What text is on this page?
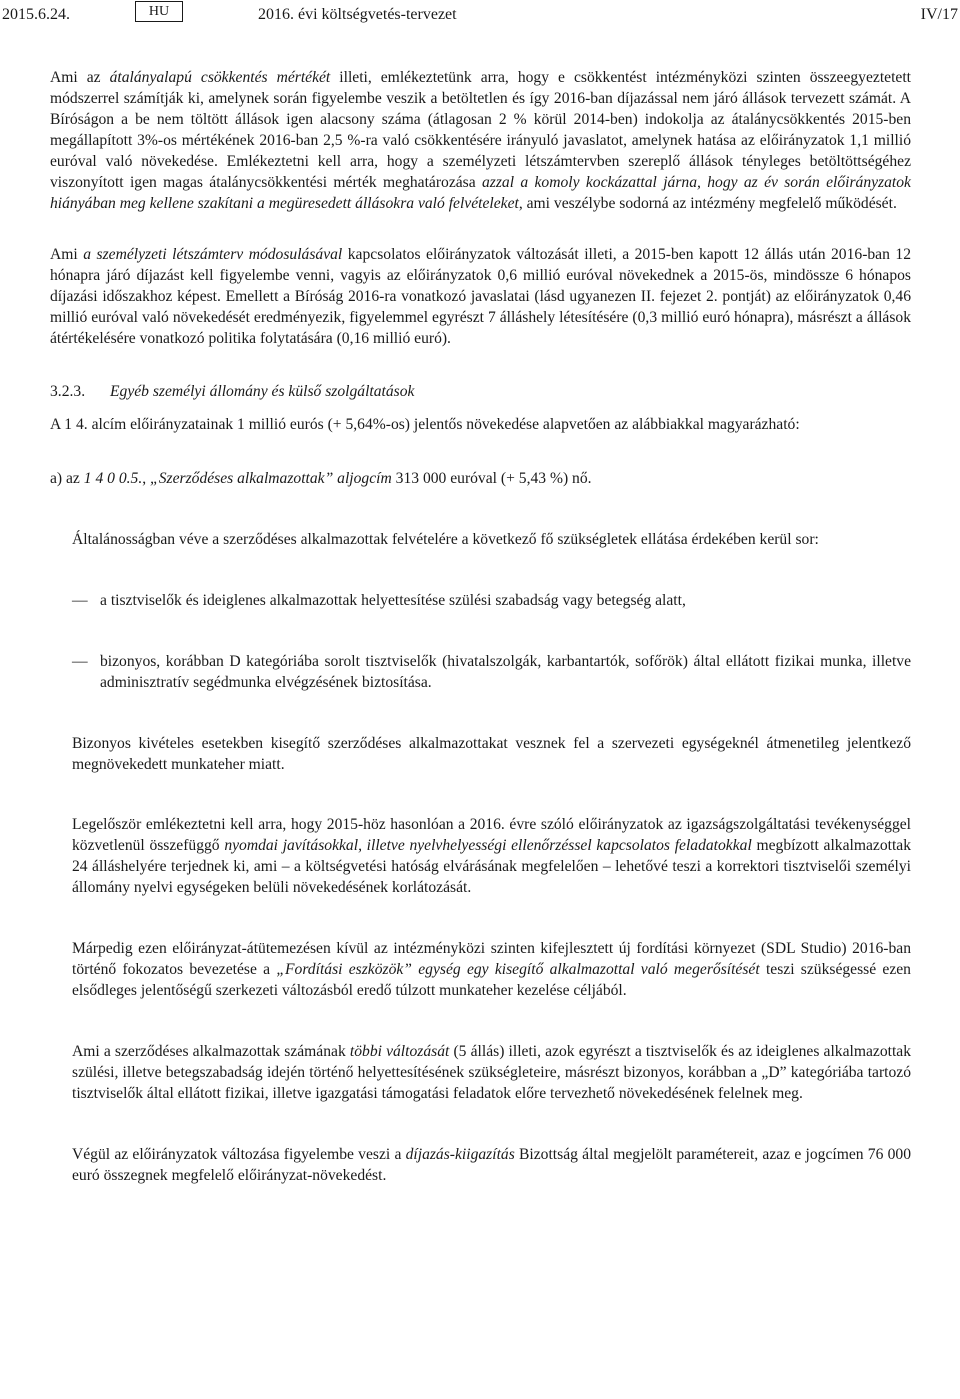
2015.6.24.	HU	2016. évi költségvetés-tervezet	IV/17

Ami az átalányalapú csökkentés mértékét illeti, emlékeztetünk arra, hogy e csökkentést intézményközi szinten összeegyeztetett módszerrel számítják ki, amelynek során figyelembe veszik a betöltetlen és így 2016-ban díjazással nem járó állások tervezett számát. A Bíróságon a be nem töltött állások igen alacsony száma (átlagosan 2 % körül 2014-ben) indokolja az átalánycsökkentés 2015-ben megállapított 3%-os mértékének 2016-ban 2,5 %-ra való csökkentésére irányuló javaslatot, amelynek hatása az előirányzatok 1,1 millió euróval való növekedése. Emlékeztetni kell arra, hogy a személyzeti létszámtervben szereplő állások tényleges betöltöttségéhez viszonyított igen magas átalánycsökkentési mérték meghatározása azzal a komoly kockázattal járna, hogy az év során előirányzatok hiányában meg kellene szakítani a megüresedett állásokra való felvételeket, ami veszélybe sodorná az intézmény megfelelő működését.

Ami a személyzeti létszámterv módosulásával kapcsolatos előirányzatok változását illeti, a 2015-ben kapott 12 állás után 2016-ban 12 hónapra járó díjazást kell figyelembe venni, vagyis az előirányzatok 0,6 millió euróval növekednek a 2015-ös, mindössze 6 hónapos díjazási időszakhoz képest. Emellett a Bíróság 2016-ra vonatkozó javaslatai (lásd ugyanezen II. fejezet 2. pontját) az előirányzatok 0,46 millió euróval való növekedését eredményezik, figyelemmel egyrészt 7 álláshely létesítésére (0,3 millió euró hónapra), másrészt a állások átértékelésére vonatkozó politika folytatására (0,16 millió euró).

3.2.3. Egyéb személyi állomány és külső szolgáltatások

A 1 4. alcím előirányzatainak 1 millió eurós (+ 5,64%-os) jelentős növekedése alapvetően az alábbiakkal magyarázható:

a) az 1 4 0 0.5., „Szerződéses alkalmazottak” aljogcím 313 000 euróval (+ 5,43 %) nő.

Általánosságban véve a szerződéses alkalmazottak felvételére a következő fő szükségletek ellátása érdekében kerül sor:

— a tisztviselők és ideiglenes alkalmazottak helyettesítése szülési szabadság vagy betegség alatt,
— bizonyos, korábban D kategóriába sorolt tisztviselők (hivatalszolgák, karbantartók, sofőrök) által ellátott fizikai munka, illetve adminisztratív segédmunka elvégzésének biztosítása.

Bizonyos kivételes esetekben kisegítő szerződéses alkalmazottakat vesznek fel a szervezeti egységeknél átmenetileg jelentkező megnövekedett munkateher miatt.

Legelőször emlékeztetni kell arra, hogy 2015-höz hasonlóan a 2016. évre szóló előirányzatok az igazságszolgáltatási tevékenységgel közvetlenül összefüggő nyomdai javításokkal, illetve nyelvhelyességi ellenőrzéssel kapcsolatos feladatokkal megbízott alkalmazottak 24 álláshelyére terjednek ki, ami – a költségvetési hatóság elvárásának megfelelően – lehetővé teszi a korrektori tisztviselői személyi állomány nyelvi egységeken belüli növekedésének korlátozását.

Márpedig ezen előirányzat-átütemezésen kívül az intézményközi szinten kifejlesztett új fordítási környezet (SDL Studio) 2016-ban történő fokozatos bevezetése a „Fordítási eszközök” egység egy kisegítő alkalmazottal való megerősítését teszi szükségessé ezen elsődleges jelentőségű szerkezeti változásból eredő túlzott munkateher kezelése céljából.

Ami a szerződéses alkalmazottak számának többi változását (5 állás) illeti, azok egyrészt a tisztviselők és az ideiglenes alkalmazottak szülési, illetve betegszabadság idején történő helyettesítésének szükségleteire, másrészt bizonyos, korábban a „D” kategóriába tartozó tisztviselők által ellátott fizikai, illetve igazgatási támogatási feladatok előre tervezhető növekedésének felelnek meg.

Végül az előirányzatok változása figyelembe veszi a díjazás-kiigazítás Bizottság által megjelölt paramétereit, azaz e jogcímen 76 000 euró összegnek megfelelő előirányzat-növekedést.
